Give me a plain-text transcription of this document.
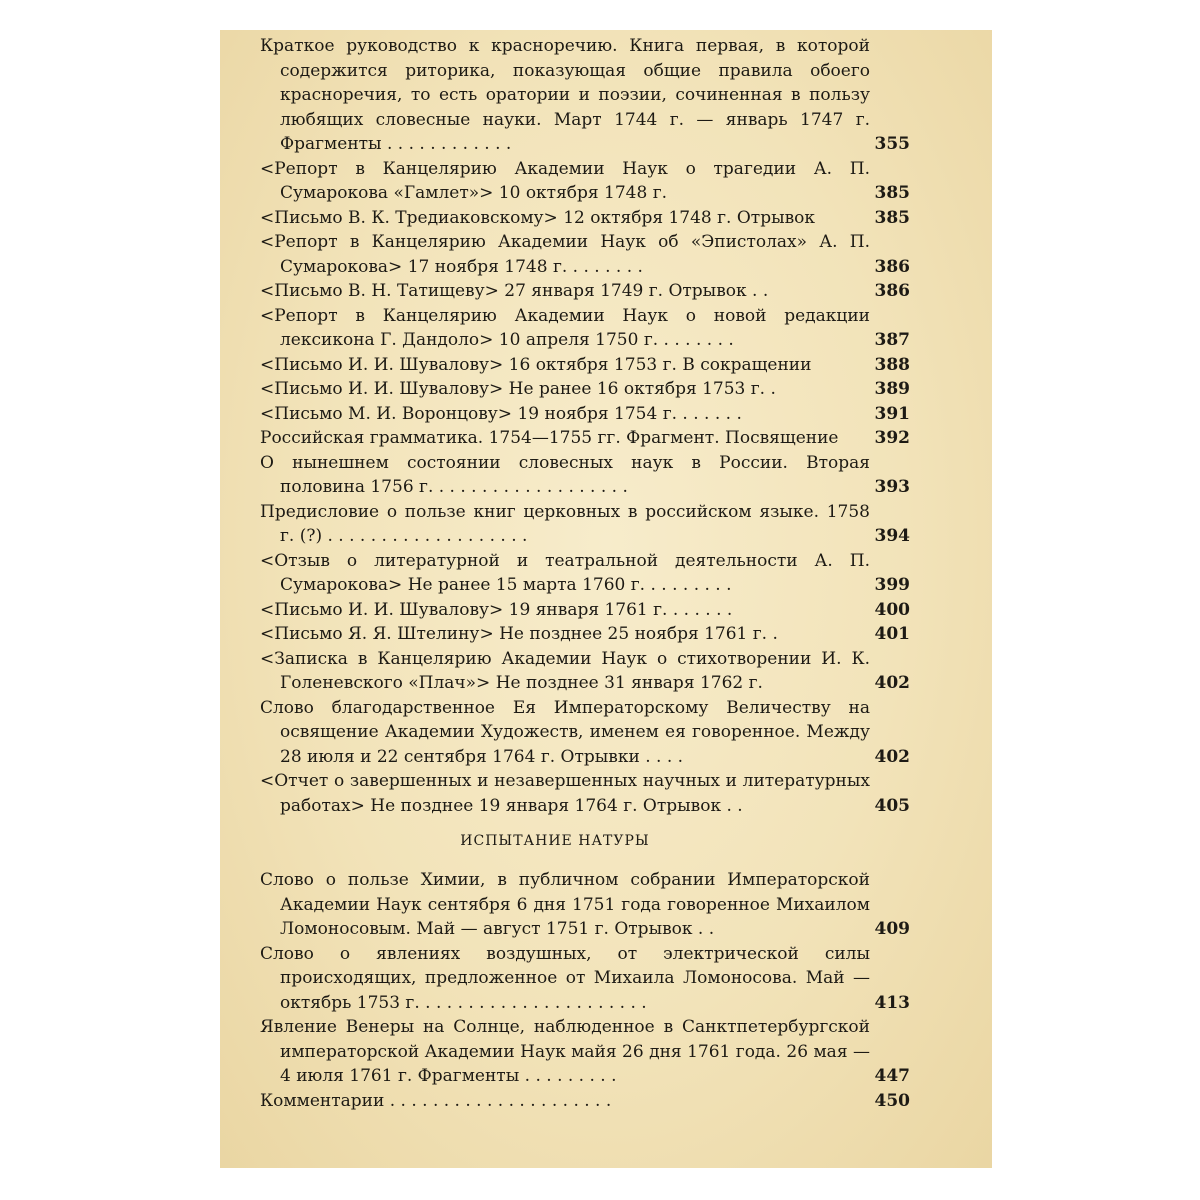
Краткое руководство к красноречию. Книга первая, в которой содержится риторика, показующая общие правила обоего красноречия, то есть оратории и поэзии, сочиненная в пользу любящих словесные науки. Март 1744 г. — январь 1747 г. Фрагменты . . . . . . . . . . . .	355
<Репорт в Канцелярию Академии Наук о трагедии А. П. Сумарокова «Гамлет»> 10 октября 1748 г.	385
<Письмо В. К. Тредиаковскому> 12 октября 1748 г. Отрывок	385
<Репорт в Канцелярию Академии Наук об «Эпистолах» А. П. Сумарокова> 17 ноября 1748 г. . . . . . . .	386
<Письмо В. Н. Татищеву> 27 января 1749 г. Отрывок . .	386
<Репорт в Канцелярию Академии Наук о новой редакции лексикона Г. Дандоло> 10 апреля 1750 г. . . . . . . .	387
<Письмо И. И. Шувалову> 16 октября 1753 г. В сокращении	388
<Письмо И. И. Шувалову> Не ранее 16 октября 1753 г. .	389
<Письмо М. И. Воронцову> 19 ноября 1754 г. . . . . . .	391
Российская грамматика. 1754—1755 гг. Фрагмент. Посвящение	392
О нынешнем состоянии словесных наук в России. Вторая половина 1756 г. . . . . . . . . . . . . . . . . . .	393
Предисловие о пользе книг церковных в российском языке. 1758 г. (?) . . . . . . . . . . . . . . . . . . .	394
<Отзыв о литературной и театральной деятельности А. П. Сумарокова> Не ранее 15 марта 1760 г. . . . . . . . .	399
<Письмо И. И. Шувалову> 19 января 1761 г. . . . . . .	400
<Письмо Я. Я. Штелину> Не позднее 25 ноября 1761 г. .	401
<Записка в Канцелярию Академии Наук о стихотворении И. К. Голеневского «Плач»> Не позднее 31 января 1762 г.	402
Слово благодарственное Ея Императорскому Величеству на освящение Академии Художеств, именем ея говоренное. Между 28 июля и 22 сентября 1764 г. Отрывки . . . .	402
<Отчет о завершенных и незавершенных научных и литературных работах> Не позднее 19 января 1764 г. Отрывок . .	405
ИСПЫТАНИЕ НАТУРЫ
Слово о пользе Химии, в публичном собрании Императорской Академии Наук сентября 6 дня 1751 года говоренное Михаилом Ломоносовым. Май — август 1751 г. Отрывок . .	409
Слово о явлениях воздушных, от электрической силы происходящих, предложенное от Михаила Ломоносова. Май — октябрь 1753 г. . . . . . . . . . . . . . . . . . . . . .	413
Явление Венеры на Солнце, наблюденное в Санктпетербургской императорской Академии Наук майя 26 дня 1761 года. 26 мая — 4 июля 1761 г. Фрагменты . . . . . . . . .	447
Комментарии . . . . . . . . . . . . . . . . . . . . .	450
